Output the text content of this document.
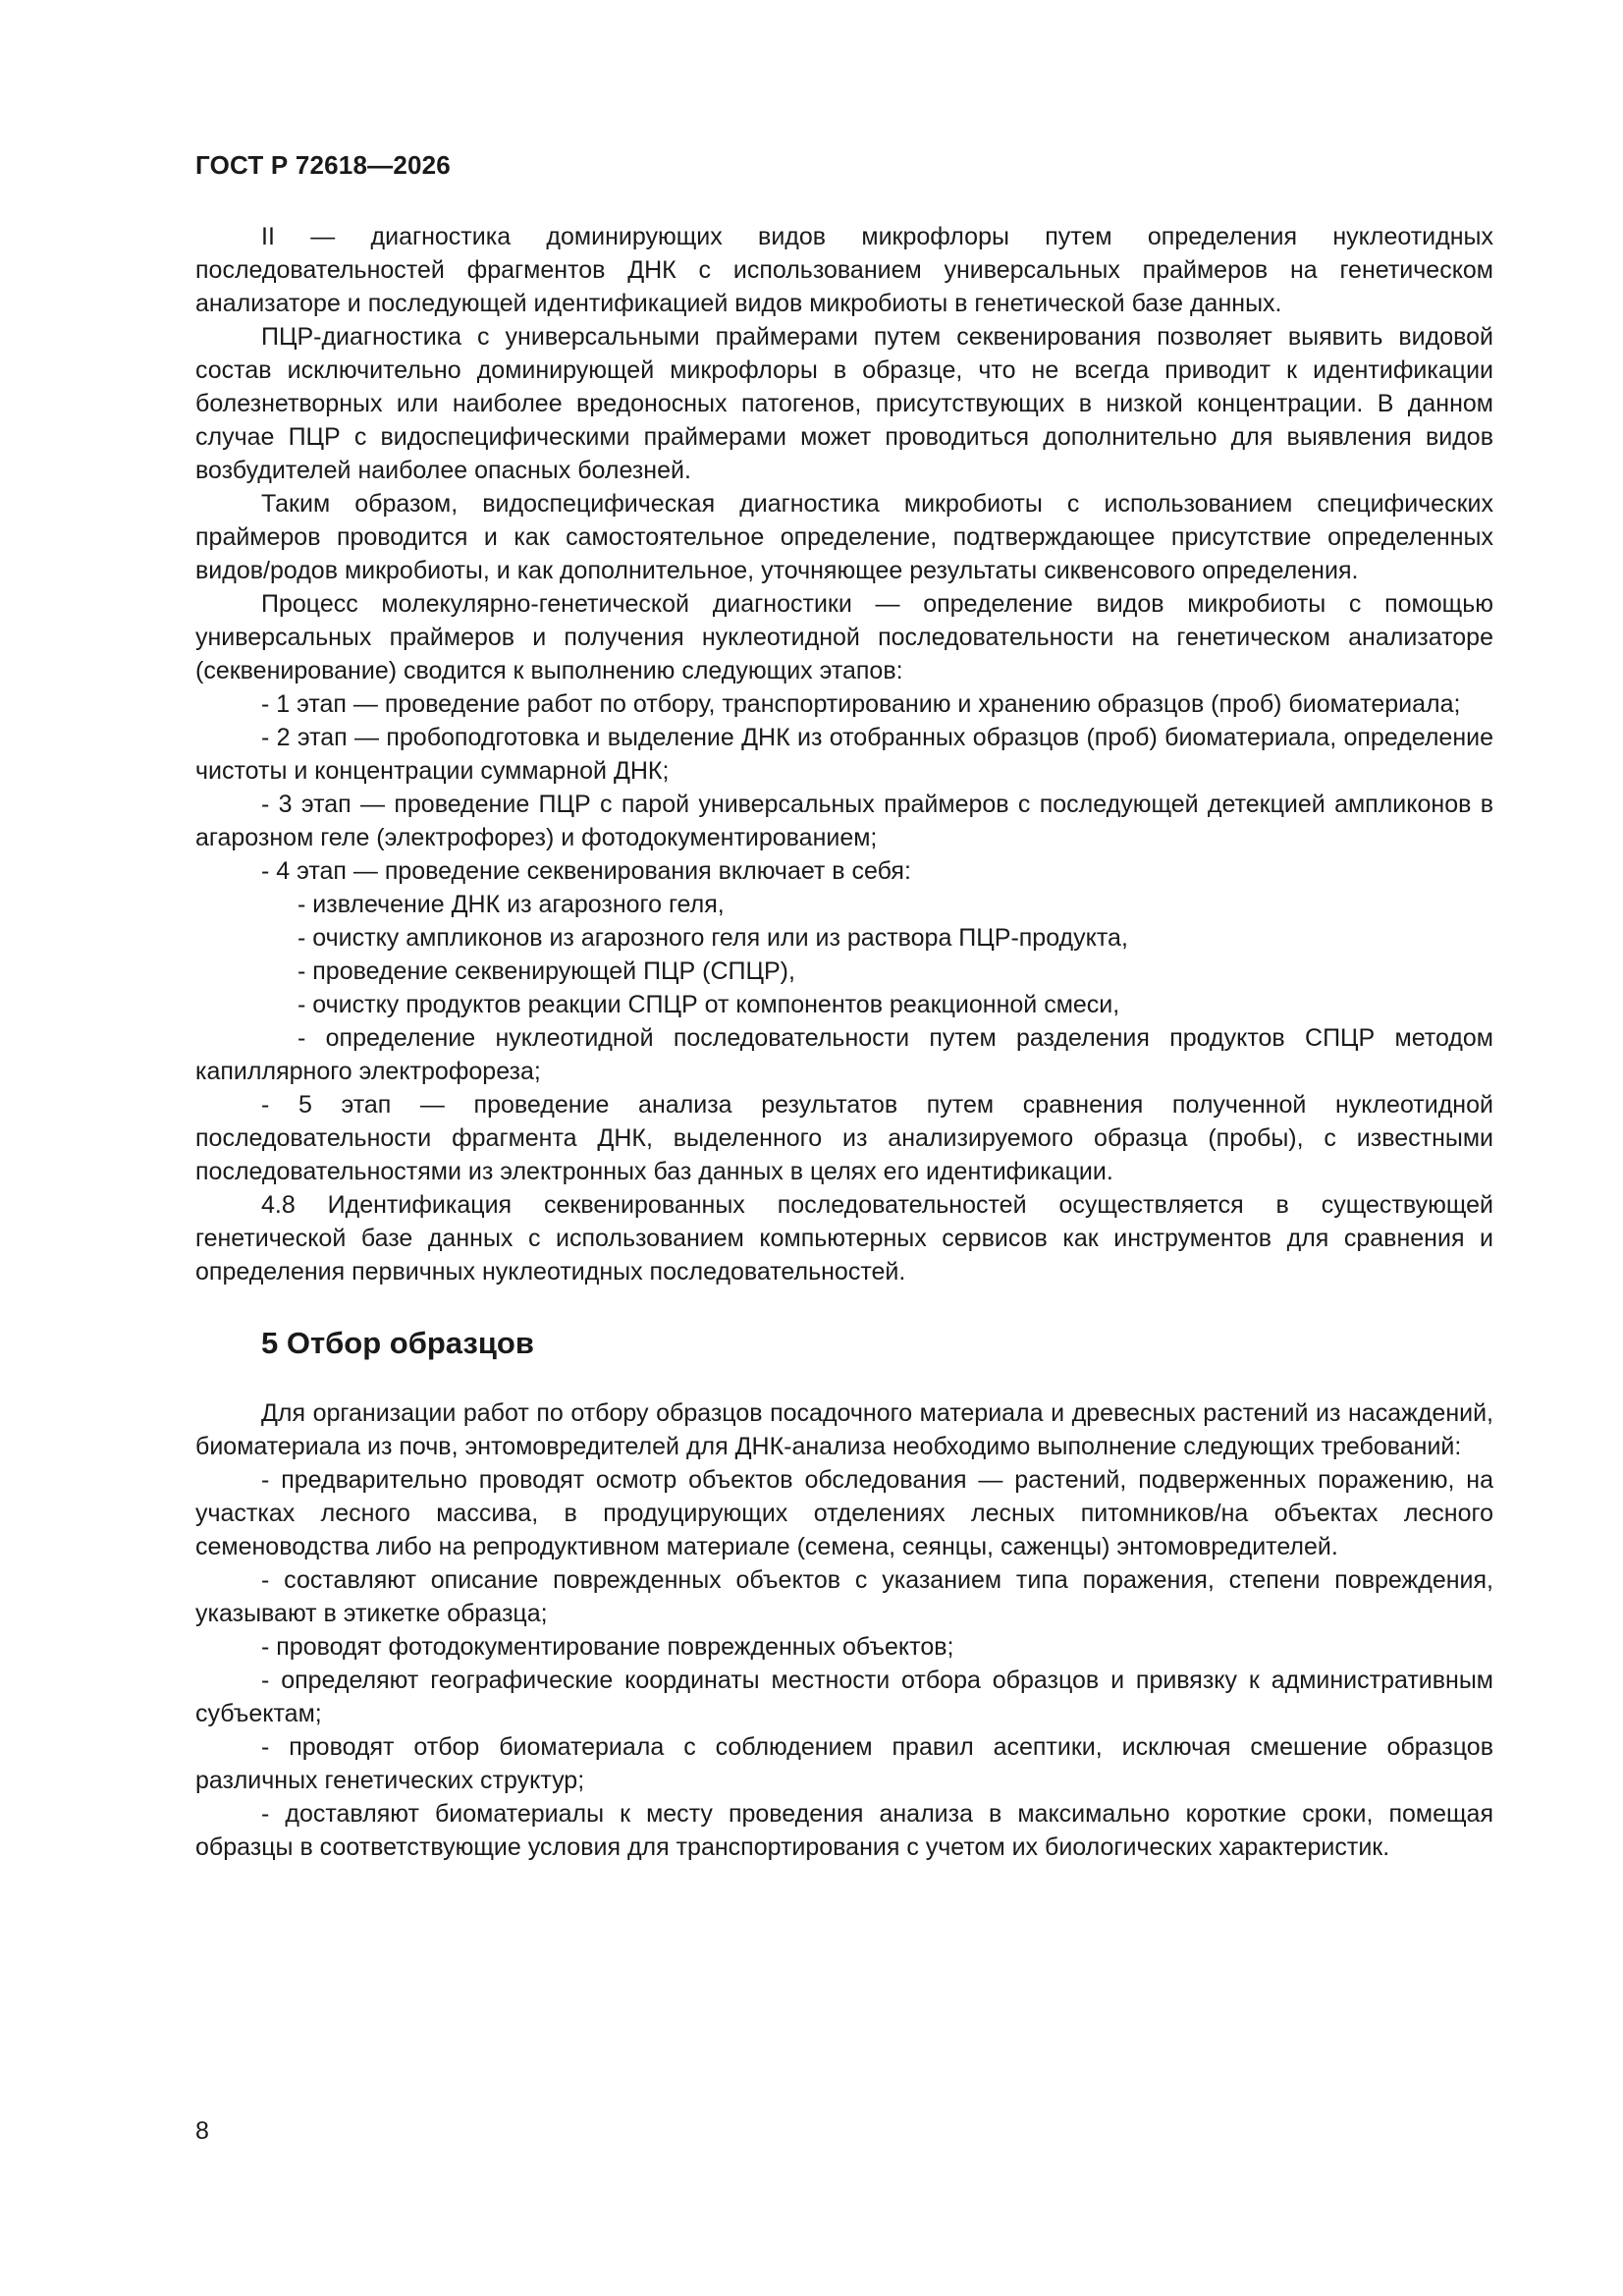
ГОСТ Р 72618—2026

II — диагностика доминирующих видов микрофлоры путем определения нуклеотидных последовательностей фрагментов ДНК с использованием универсальных праймеров на генетическом анализаторе и последующей идентификацией видов микробиоты в генетической базе данных.

ПЦР-диагностика с универсальными праймерами путем секвенирования позволяет выявить видовой состав исключительно доминирующей микрофлоры в образце, что не всегда приводит к идентификации болезнетворных или наиболее вредоносных патогенов, присутствующих в низкой концентрации. В данном случае ПЦР с видоспецифическими праймерами может проводиться дополнительно для выявления видов возбудителей наиболее опасных болезней.

Таким образом, видоспецифическая диагностика микробиоты с использованием специфических праймеров проводится и как самостоятельное определение, подтверждающее присутствие определенных видов/родов микробиоты, и как дополнительное, уточняющее результаты сиквенсового определения.

Процесс молекулярно-генетической диагностики — определение видов микробиоты с помощью универсальных праймеров и получения нуклеотидной последовательности на генетическом анализаторе (секвенирование) сводится к выполнению следующих этапов:

- 1 этап — проведение работ по отбору, транспортированию и хранению образцов (проб) биоматериала;

- 2 этап — пробоподготовка и выделение ДНК из отобранных образцов (проб) биоматериала, определение чистоты и концентрации суммарной ДНК;

- 3 этап — проведение ПЦР с парой универсальных праймеров с последующей детекцией ампликонов в агарозном геле (электрофорез) и фотодокументированием;

- 4 этап — проведение секвенирования включает в себя:

- извлечение ДНК из агарозного геля,

- очистку ампликонов из агарозного геля или из раствора ПЦР-продукта,

- проведение секвенирующей ПЦР (СПЦР),

- очистку продуктов реакции СПЦР от компонентов реакционной смеси,

- определение нуклеотидной последовательности путем разделения продуктов СПЦР методом капиллярного электрофореза;

- 5 этап — проведение анализа результатов путем сравнения полученной нуклеотидной последовательности фрагмента ДНК, выделенного из анализируемого образца (пробы), с известными последовательностями из электронных баз данных в целях его идентификации.

4.8 Идентификация секвенированных последовательностей осуществляется в существующей генетической базе данных с использованием компьютерных сервисов как инструментов для сравнения и определения первичных нуклеотидных последовательностей.

5 Отбор образцов

Для организации работ по отбору образцов посадочного материала и древесных растений из насаждений, биоматериала из почв, энтомовредителей для ДНК-анализа необходимо выполнение следующих требований:

- предварительно проводят осмотр объектов обследования — растений, подверженных поражению, на участках лесного массива, в продуцирующих отделениях лесных питомников/на объектах лесного семеноводства либо на репродуктивном материале (семена, сеянцы, саженцы) энтомовредителей.

- составляют описание поврежденных объектов с указанием типа поражения, степени повреждения, указывают в этикетке образца;

- проводят фотодокументирование поврежденных объектов;

- определяют географические координаты местности отбора образцов и привязку к административным субъектам;

- проводят отбор биоматериала с соблюдением правил асептики, исключая смешение образцов различных генетических структур;

- доставляют биоматериалы к месту проведения анализа в максимально короткие сроки, помещая образцы в соответствующие условия для транспортирования с учетом их биологических характеристик.

8
